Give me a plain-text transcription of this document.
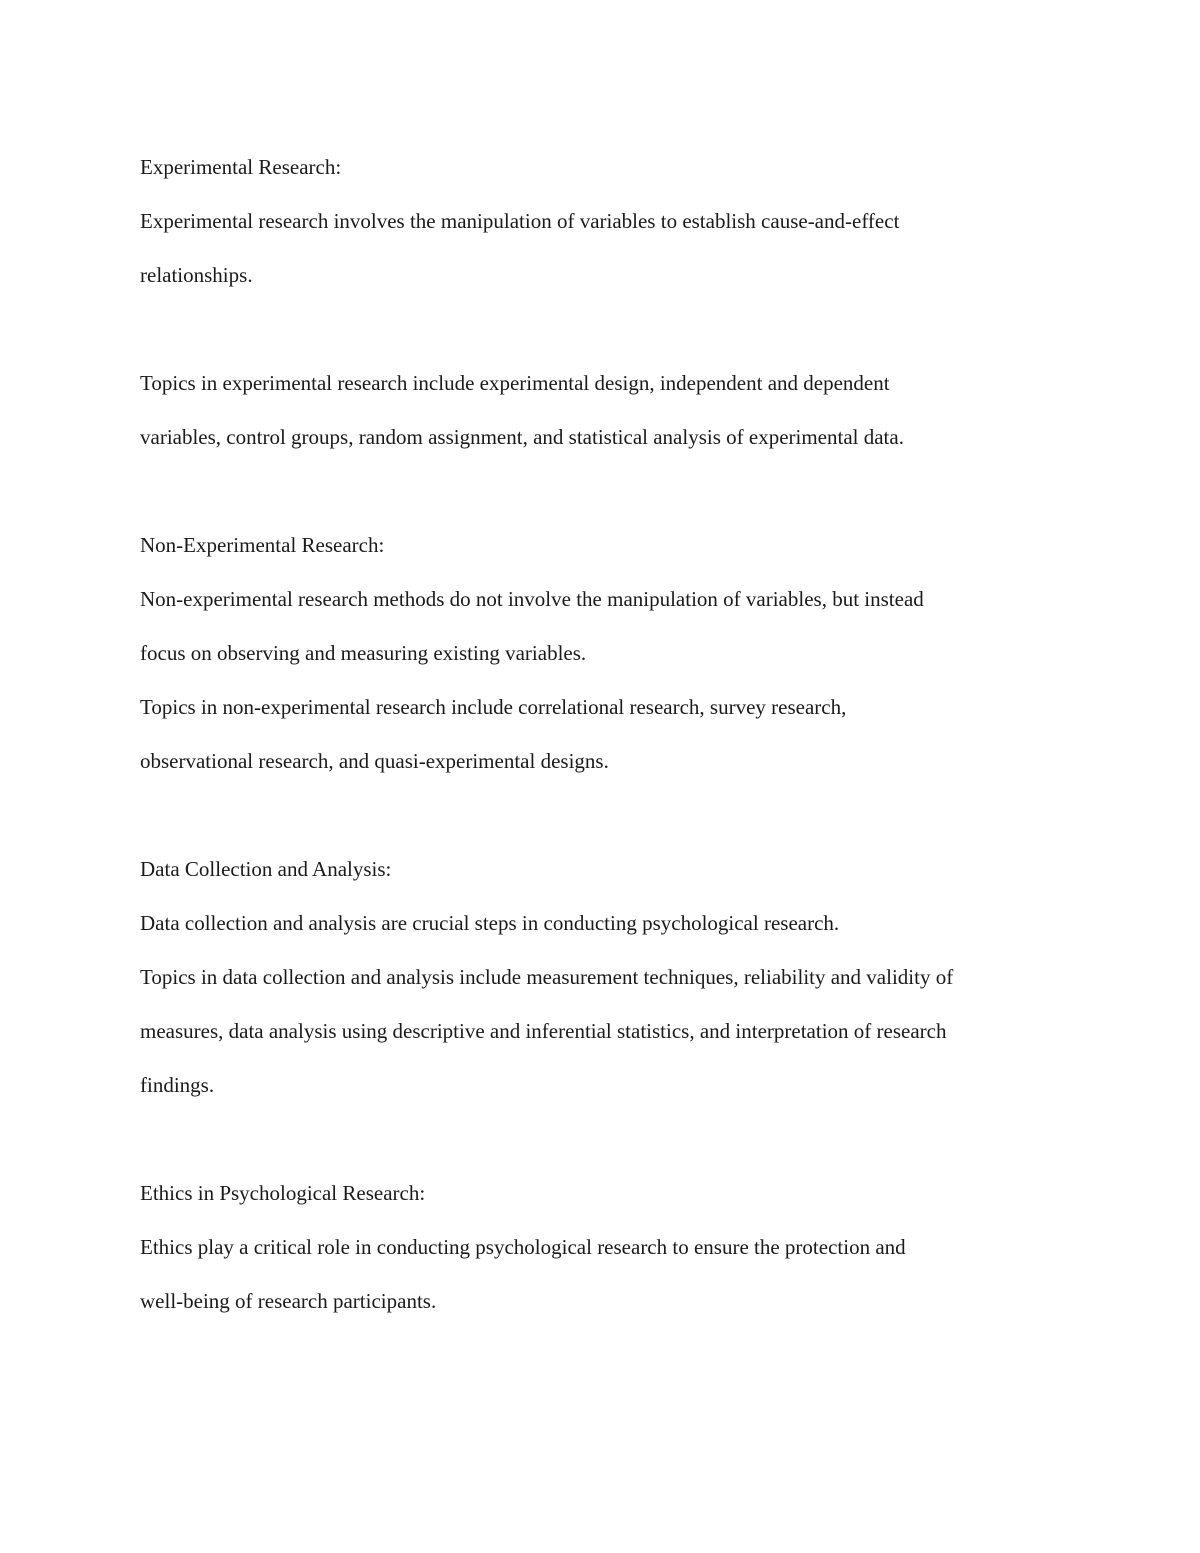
Experimental Research:
Experimental research involves the manipulation of variables to establish cause-and-effect
relationships.
Topics in experimental research include experimental design, independent and dependent
variables, control groups, random assignment, and statistical analysis of experimental data.
Non-Experimental Research:
Non-experimental research methods do not involve the manipulation of variables, but instead
focus on observing and measuring existing variables.
Topics in non-experimental research include correlational research, survey research,
observational research, and quasi-experimental designs.
Data Collection and Analysis:
Data collection and analysis are crucial steps in conducting psychological research.
Topics in data collection and analysis include measurement techniques, reliability and validity of
measures, data analysis using descriptive and inferential statistics, and interpretation of research
findings.
Ethics in Psychological Research:
Ethics play a critical role in conducting psychological research to ensure the protection and
well-being of research participants.
